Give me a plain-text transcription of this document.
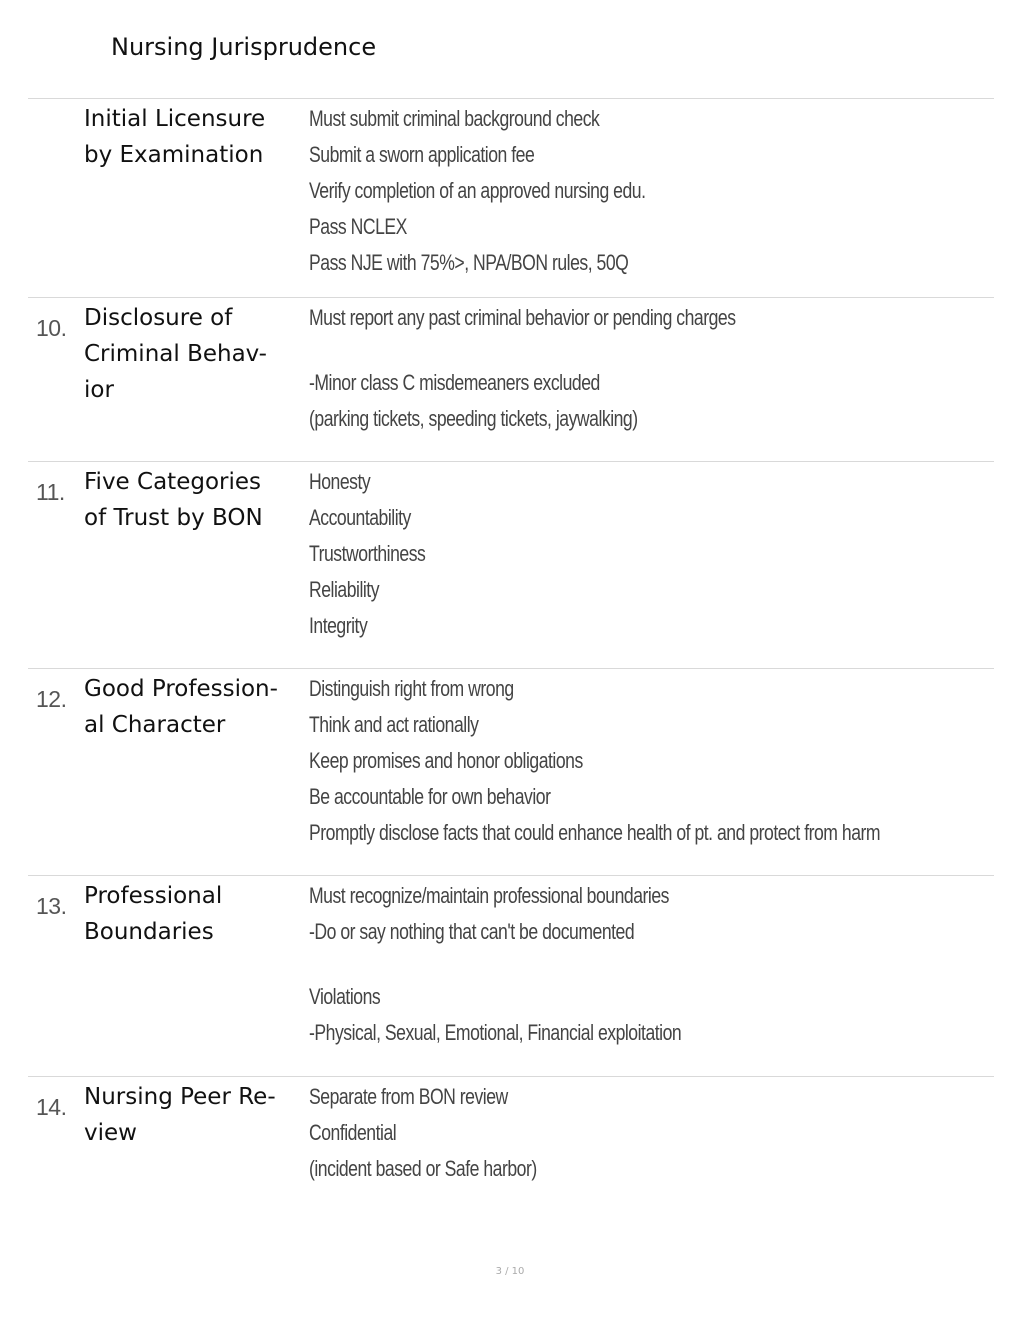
Nursing Jurisprudence
Initial Licensure
by Examination
Must submit criminal background check
Submit a sworn application fee
Verify completion of an approved nursing edu.
Pass NCLEX
Pass NJE with 75%>, NPA/BON rules, 50Q
10. Disclosure of
Criminal Behav-
ior
Must report any past criminal behavior or pending charges
-Minor class C misdemeaners excluded
(parking tickets, speeding tickets, jaywalking)
11. Five Categories
of Trust by BON
Honesty
Accountability
Trustworthiness
Reliability
Integrity
12. Good Profession-
al Character
Distinguish right from wrong
Think and act rationally
Keep promises and honor obligations
Be accountable for own behavior
Promptly disclose facts that could enhance health of pt. and protect from harm
13. Professional
Boundaries
Must recognize/maintain professional boundaries
-Do or say nothing that can't be documented
Violations
-Physical, Sexual, Emotional, Financial exploitation
14. Nursing Peer Re-
view
Separate from BON review
Confidential
(incident based or Safe harbor)
3 / 10
